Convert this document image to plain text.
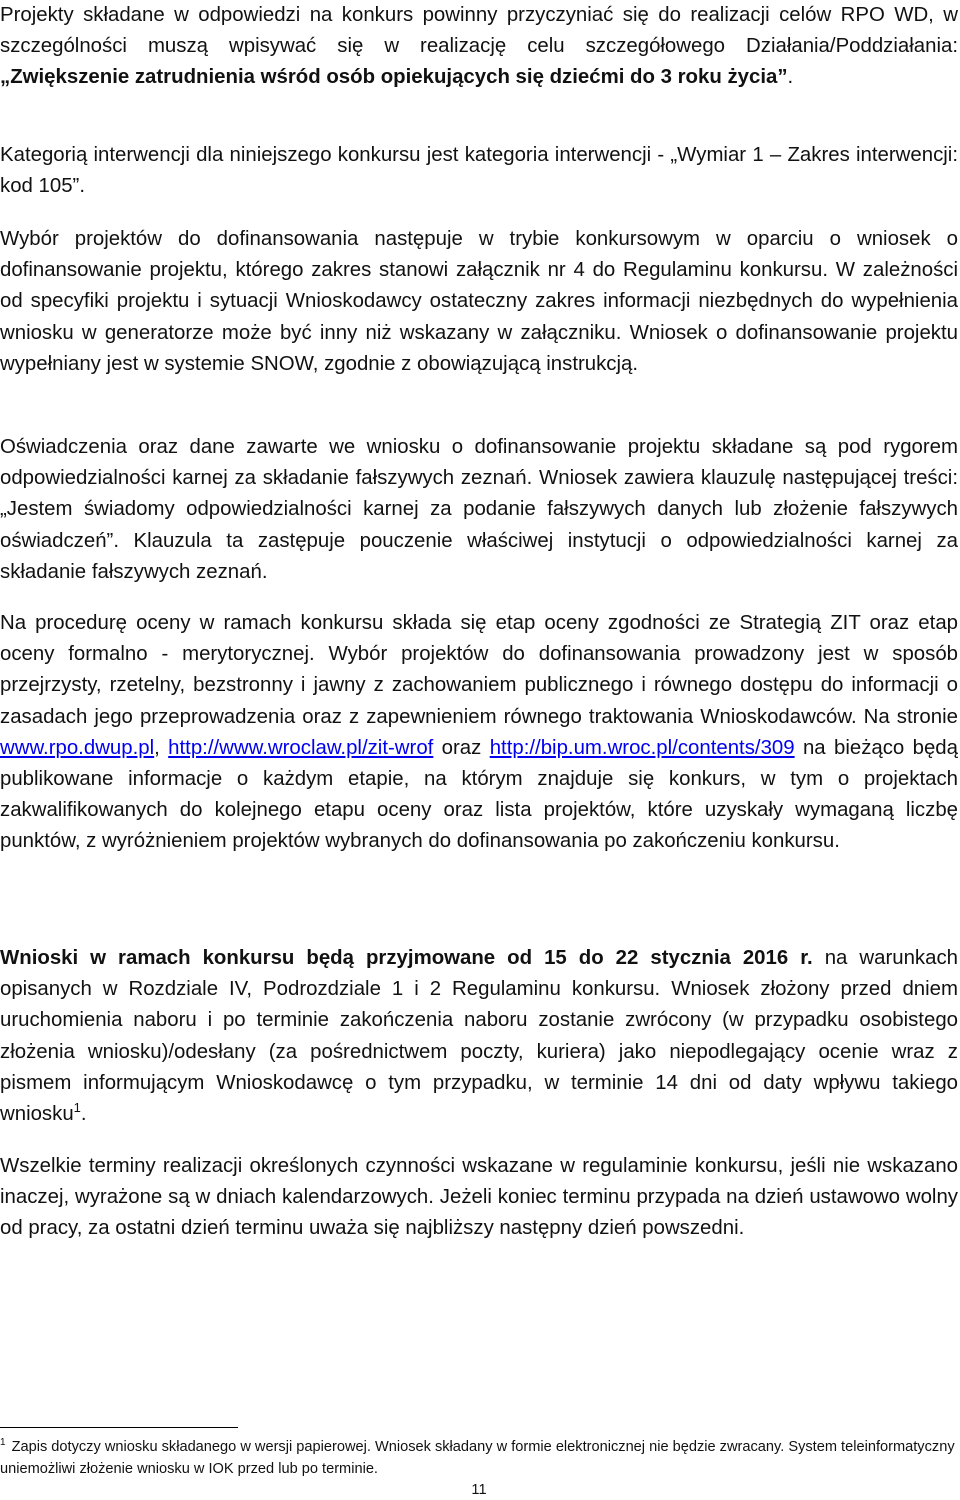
Projekty składane w odpowiedzi na konkurs powinny przyczyniać się do realizacji celów RPO WD, w szczególności muszą wpisywać się w realizację celu szczegółowego Działania/Poddziałania: „Zwiększenie zatrudnienia wśród osób opiekujących się dziećmi do 3 roku życia”.

Kategorią interwencji dla niniejszego konkursu jest kategoria interwencji - „Wymiar 1 – Zakres interwencji: kod 105”.

Wybór projektów do dofinansowania następuje w trybie konkursowym w oparciu o wniosek o dofinansowanie projektu, którego zakres stanowi załącznik nr 4 do Regulaminu konkursu. W zależności od specyfiki projektu i sytuacji Wnioskodawcy ostateczny zakres informacji niezbędnych do wypełnienia wniosku w generatorze może być inny niż wskazany w załączniku. Wniosek o dofinansowanie projektu wypełniany jest w systemie SNOW, zgodnie z obowiązującą instrukcją.

Oświadczenia oraz dane zawarte we wniosku o dofinansowanie projektu składane są pod rygorem odpowiedzialności karnej za składanie fałszywych zeznań. Wniosek zawiera klauzulę następującej treści: „Jestem świadomy odpowiedzialności karnej za podanie fałszywych danych lub złożenie fałszywych oświadczeń”. Klauzula ta zastępuje pouczenie właściwej instytucji o odpowiedzialności karnej za składanie fałszywych zeznań.

Na procedurę oceny w ramach konkursu składa się etap oceny zgodności ze Strategią ZIT oraz etap oceny formalno - merytorycznej. Wybór projektów do dofinansowania prowadzony jest w sposób przejrzysty, rzetelny, bezstronny i jawny z zachowaniem publicznego i równego dostępu do informacji o zasadach jego przeprowadzenia oraz z zapewnieniem równego traktowania Wnioskodawców. Na stronie www.rpo.dwup.pl, http://www.wroclaw.pl/zit-wrof oraz http://bip.um.wroc.pl/contents/309 na bieżąco będą publikowane informacje o każdym etapie, na którym znajduje się konkurs, w tym o projektach zakwalifikowanych do kolejnego etapu oceny oraz lista projektów, które uzyskały wymaganą liczbę punktów, z wyróżnieniem projektów wybranych do dofinansowania po zakończeniu konkursu.

Wnioski w ramach konkursu będą przyjmowane od 15 do 22 stycznia 2016 r. na warunkach opisanych w Rozdziale IV, Podrozdziale 1 i 2 Regulaminu konkursu. Wniosek złożony przed dniem uruchomienia naboru i po terminie zakończenia naboru zostanie zwrócony (w przypadku osobistego złożenia wniosku)/odesłany (za pośrednictwem poczty, kuriera) jako niepodlegający ocenie wraz z pismem informującym Wnioskodawcę o tym przypadku, w terminie 14 dni od daty wpływu takiego wniosku$^1$.

Wszelkie terminy realizacji określonych czynności wskazane w regulaminie konkursu, jeśli nie wskazano inaczej, wyrażone są w dniach kalendarzowych. Jeżeli koniec terminu przypada na dzień ustawowo wolny od pracy, za ostatni dzień terminu uważa się najbliższy następny dzień powszedni.

$^1$ Zapis dotyczy wniosku składanego w wersji papierowej. Wniosek składany w formie elektronicznej nie będzie zwracany. System teleinformatyczny uniemożliwi złożenie wniosku w IOK przed lub po terminie.
11
